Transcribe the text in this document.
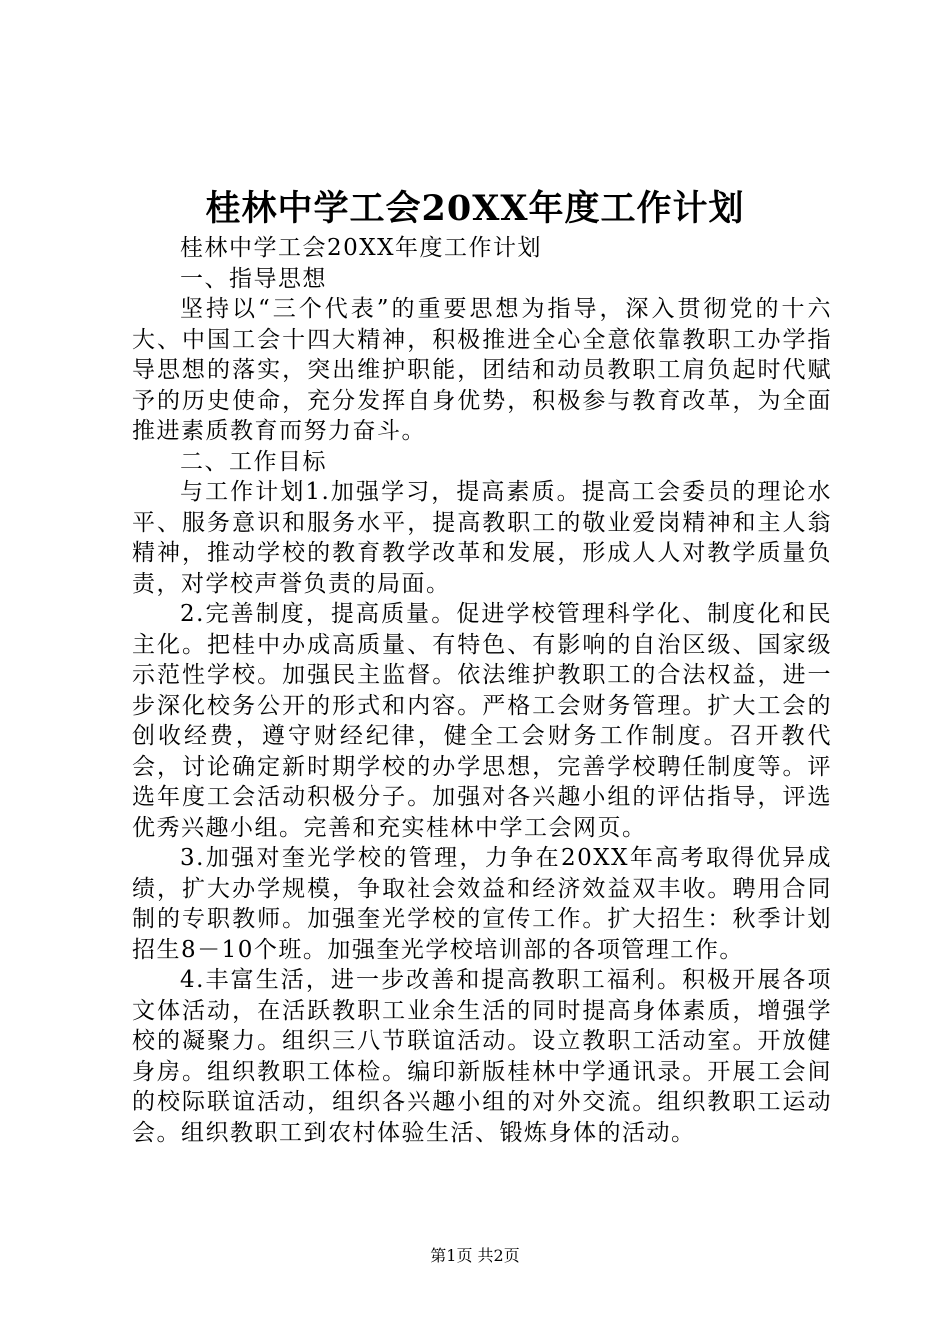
桂林中学工会20XX年度工作计划

桂林中学工会20XX年度工作计划

一、指导思想

坚持以“三个代表”的重要思想为指导，深入贯彻党的十六大、中国工会十四大精神，积极推进全心全意依靠教职工办学指导思想的落实，突出维护职能，团结和动员教职工肩负起时代赋予的历史使命，充分发挥自身优势，积极参与教育改革，为全面推进素质教育而努力奋斗。

二、工作目标

与工作计划1.加强学习，提高素质。提高工会委员的理论水平、服务意识和服务水平，提高教职工的敬业爱岗精神和主人翁精神，推动学校的教育教学改革和发展，形成人人对教学质量负责，对学校声誉负责的局面。

2.完善制度，提高质量。促进学校管理科学化、制度化和民主化。把桂中办成高质量、有特色、有影响的自治区级、国家级示范性学校。加强民主监督。依法维护教职工的合法权益，进一步深化校务公开的形式和内容。严格工会财务管理。扩大工会的创收经费，遵守财经纪律，健全工会财务工作制度。召开教代会，讨论确定新时期学校的办学思想，完善学校聘任制度等。评选年度工会活动积极分子。加强对各兴趣小组的评估指导，评选优秀兴趣小组。完善和充实桂林中学工会网页。

3.加强对奎光学校的管理，力争在20XX年高考取得优异成绩，扩大办学规模，争取社会效益和经济效益双丰收。聘用合同制的专职教师。加强奎光学校的宣传工作。扩大招生：秋季计划招生8－10个班。加强奎光学校培训部的各项管理工作。

4.丰富生活，进一步改善和提高教职工福利。积极开展各项文体活动，在活跃教职工业余生活的同时提高身体素质，增强学校的凝聚力。组织三八节联谊活动。设立教职工活动室。开放健身房。组织教职工体检。编印新版桂林中学通讯录。开展工会间的校际联谊活动，组织各兴趣小组的对外交流。组织教职工运动会。组织教职工到农村体验生活、锻炼身体的活动。

第1页 共2页
